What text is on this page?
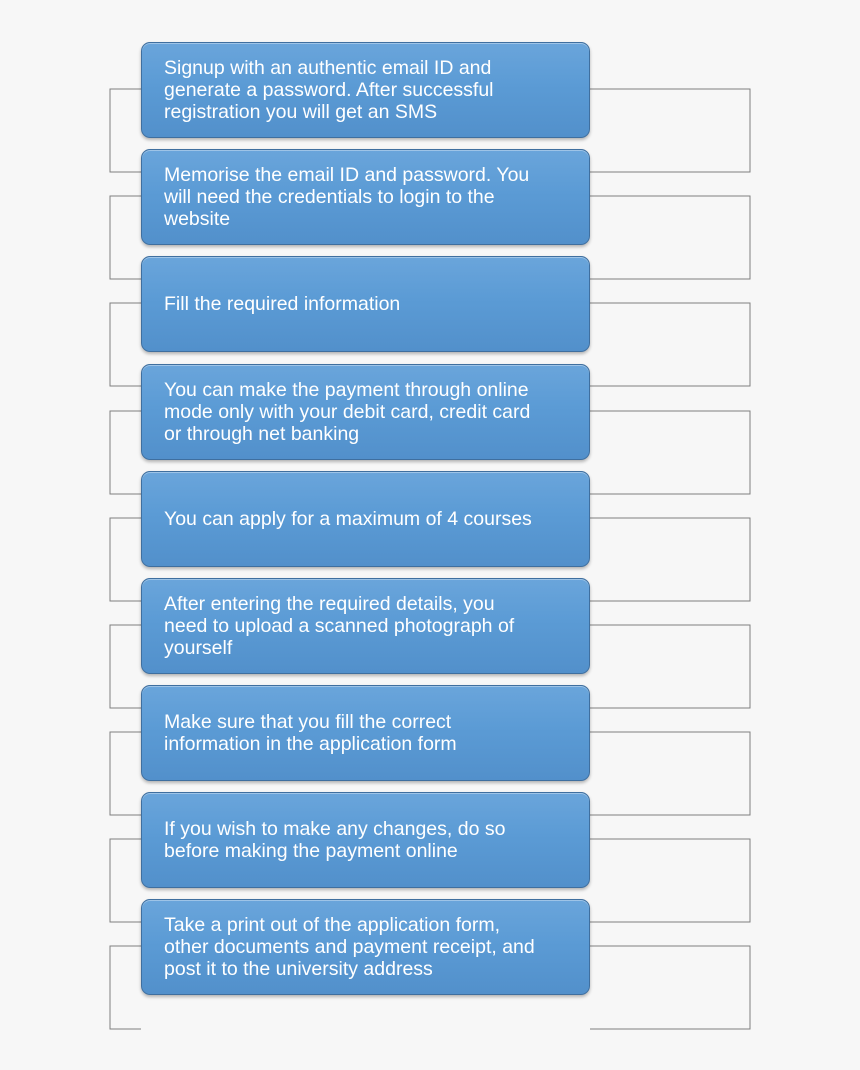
Signup with an authentic email ID and
generate a password. After successful
registration you will get an SMS
Memorise the email ID and password. You
will need the credentials to login to the
website
Fill the required information
You can make the payment through online
mode only with your debit card, credit card
or through net banking
You can apply for a maximum of 4 courses
After entering the required details, you
need to upload a scanned photograph of
yourself
Make sure that you fill the correct
information in the application form
If you wish to make any changes, do so
before making the payment online
Take a print out of the application form,
other documents and payment receipt, and
post it to the university address
